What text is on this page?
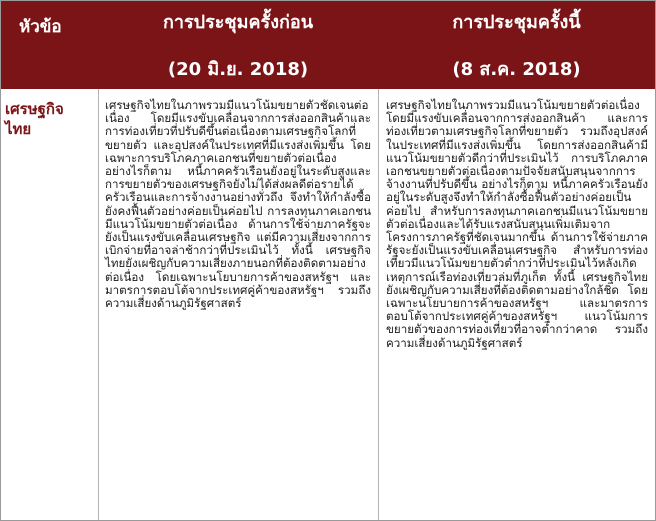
หัวข้อ	การประชุมครั้งก่อน
(20 มิ.ย. 2018)
การประชุมครั้งนี้
(8 ส.ค. 2018)
เศรษฐกิจ
ไทย
เศรษฐกิจไทยในภาพรวมมีแนวโน้มขยายตัวชัดเจนต่อเนื่อง โดยมีแรงขับเคลื่อนจากการส่งออกสินค้าและการท่องเที่ยวที่ปรับดีขึ้นต่อเนื่องตามเศรษฐกิจโลกที่ขยายตัว และอุปสงค์ในประเทศที่มีแรงส่งเพิ่มขึ้น โดยเฉพาะการบริโภคภาคเอกชนที่ขยายตัวต่อเนื่อง อย่างไรก็ตาม หนี้ภาคครัวเรือนยังอยู่ในระดับสูงและการขยายตัวของเศรษฐกิจยังไม่ได้ส่งผลดีต่อรายได้ครัวเรือนและการจ้างงานอย่างทั่วถึง จึงทำให้กำลังซื้อยังคงฟื้นตัวอย่างค่อยเป็นค่อยไป การลงทุนภาคเอกชนมีแนวโน้มขยายตัวต่อเนื่อง ด้านการใช้จ่ายภาครัฐจะยังเป็นแรงขับเคลื่อนเศรษฐกิจ แต่มีความเสี่ยงจากการเบิกจ่ายที่อาจล่าช้ากว่าที่ประเมินไว้ ทั้งนี้ เศรษฐกิจไทยยังเผชิญกับความเสี่ยงภายนอกที่ต้องติดตามอย่างต่อเนื่อง โดยเฉพาะนโยบายการค้าของสหรัฐฯ และมาตรการตอบโต้จากประเทศคู่ค้าของสหรัฐฯ รวมถึงความเสี่ยงด้านภูมิรัฐศาสตร์
เศรษฐกิจไทยในภาพรวมมีแนวโน้มขยายตัวต่อเนื่อง โดยมีแรงขับเคลื่อนจากการส่งออกสินค้า และการท่องเที่ยวตามเศรษฐกิจโลกที่ขยายตัว รวมถึงอุปสงค์ในประเทศที่มีแรงส่งเพิ่มขึ้น โดยการส่งออกสินค้ามีแนวโน้มขยายตัวดีกว่าที่ประเมินไว้ การบริโภคภาคเอกชนขยายตัวต่อเนื่องตามปัจจัยสนับสนุนจากการจ้างงานที่ปรับดีขึ้น อย่างไรก็ตาม หนี้ภาคครัวเรือนยังอยู่ในระดับสูงจึงทำให้กำลังซื้อฟื้นตัวอย่างค่อยเป็นค่อยไป สำหรับการลงทุนภาคเอกชนมีแนวโน้มขยายตัวต่อเนื่องและได้รับแรงสนับสนุนเพิ่มเติมจากโครงการภาครัฐที่ชัดเจนมากขึ้น ด้านการใช้จ่ายภาครัฐจะยังเป็นแรงขับเคลื่อนเศรษฐกิจ สำหรับการท่องเที่ยวมีแนวโน้มขยายตัวต่ำกว่าที่ประเมินไว้หลังเกิดเหตุการณ์เรือท่องเที่ยวล่มที่ภูเก็ต ทั้งนี้ เศรษฐกิจไทยยังเผชิญกับความเสี่ยงที่ต้องติดตามอย่างใกล้ชิด โดยเฉพาะนโยบายการค้าของสหรัฐฯ และมาตรการตอบโต้จากประเทศคู่ค้าของสหรัฐฯ แนวโน้มการขยายตัวของการท่องเที่ยวที่อาจต่ำกว่าคาด รวมถึงความเสี่ยงด้านภูมิรัฐศาสตร์
